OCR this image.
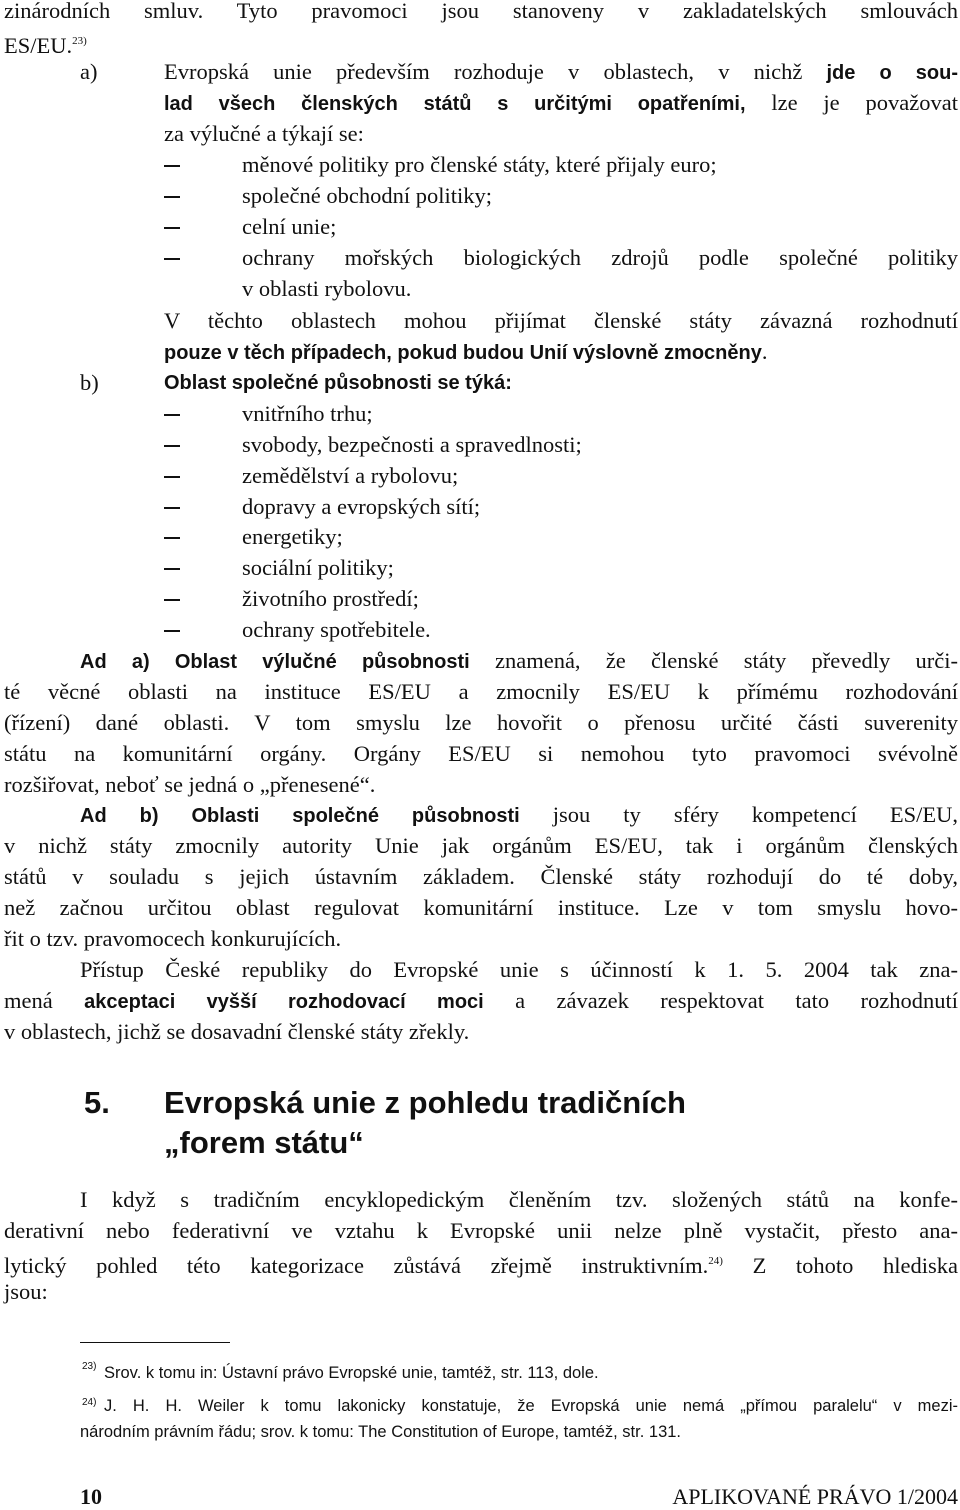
zinárodních smluv. Tyto pravomoci jsou stanoveny v zakladatelských smlouvách
ES/EU.$^{23)}$
a)	Evropská unie především rozhoduje v oblastech, v nichž jde o sou-
lad všech členských států s určitými opatřeními, lze je považovat
za výlučné a týkají se:
měnové politiky pro členské státy, které přijaly euro;
společné obchodní politiky;
celní unie;
ochrany mořských biologických zdrojů podle společné politiky
v oblasti rybolovu.
V těchto oblastech mohou přijímat členské státy závazná rozhodnutí
pouze v těch případech, pokud budou Unií výslovně zmocněny.
b)	Oblast společné působnosti se týká:
vnitřního trhu;
svobody, bezpečnosti a spravedlnosti;
zemědělství a rybolovu;
dopravy a evropských sítí;
energetiky;
sociální politiky;
životního prostředí;
ochrany spotřebitele.
Ad a) Oblast výlučné působnosti znamená, že členské státy převedly urči-
té věcné oblasti na instituce ES/EU a zmocnily ES/EU k přímému rozhodování
(řízení) dané oblasti. V tom smyslu lze hovořit o přenosu určité části suverenity
státu na komunitární orgány. Orgány ES/EU si nemohou tyto pravomoci svévolně
rozšiřovat, neboť se jedná o „přenesené“.
Ad b) Oblasti společné působnosti jsou ty sféry kompetencí ES/EU,
v nichž státy zmocnily autority Unie jak orgánům ES/EU, tak i orgánům členských
států v souladu s jejich ústavním základem. Členské státy rozhodují do té doby,
než začnou určitou oblast regulovat komunitární instituce. Lze v tom smyslu hovo-
řit o tzv. pravomocech konkurujících.
Přístup České republiky do Evropské unie s účinností k 1. 5. 2004 tak zna-
mená akceptaci vyšší rozhodovací moci a závazek respektovat tato rozhodnutí
v oblastech, jichž se dosavadní členské státy zřekly.
5. Evropská unie z pohledu tradičních
„forem státu“
I když s tradičním encyklopedickým členěním tzv. složených států na konfe-
derativní nebo federativní ve vztahu k Evropské unii nelze plně vystačit, přesto ana-
lytický pohled této kategorizace zůstává zřejmě instruktivním.$^{24)}$ Z tohoto hlediska
jsou:
23) Srov. k tomu in: Ústavní právo Evropské unie, tamtéž, str. 113, dole.
24) J. H. H. Weiler k tomu lakonicky konstatuje, že Evropská unie nemá „přímou paralelu“ v mezi-
národním právním řádu; srov. k tomu: The Constitution of Europe, tamtéž, str. 131.
10	APLIKOVANÉ PRÁVO 1/2004
